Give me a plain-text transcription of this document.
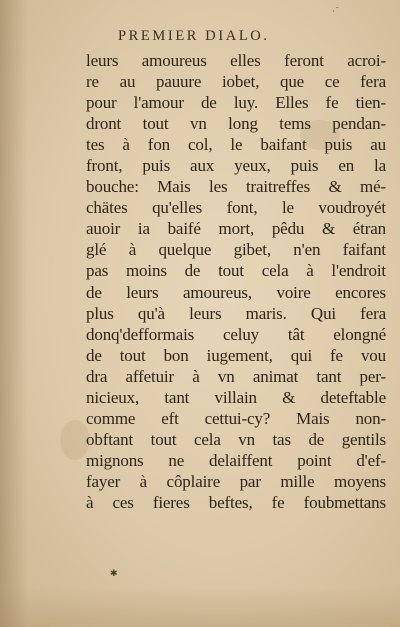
· ᷄
PREMIER DIALO.
leurs amoureus elles feront acroi-
re au pauure iobet, que ce fera
pour l'amour de luy. Elles fe tien-
dront tout vn long tems pendan-
tes à fon col, le baifant puis au
front, puis aux yeux, puis en la
bouche: Mais les traitreffes & mé-
chätes qu'elles font, le voudroyét
auoir ia baifé mort, pêdu & étran
glé à quelque gibet, n'en faifant
pas moins de tout cela à l'endroit
de leurs amoureus, voire encores
plus qu'à leurs maris. Qui fera
donq'defformais celuy tât elongné
de tout bon iugement, qui fe vou
dra affetuir à vn animat tant per-
nicieux, tant villain & deteftable
comme eft cettui-cy? Mais non-
obftant tout cela vn tas de gentils
mignons ne delaiffent point d'ef-
fayer à côplaire par mille moyens
à ces fieres beftes, fe foubmettans
✱
